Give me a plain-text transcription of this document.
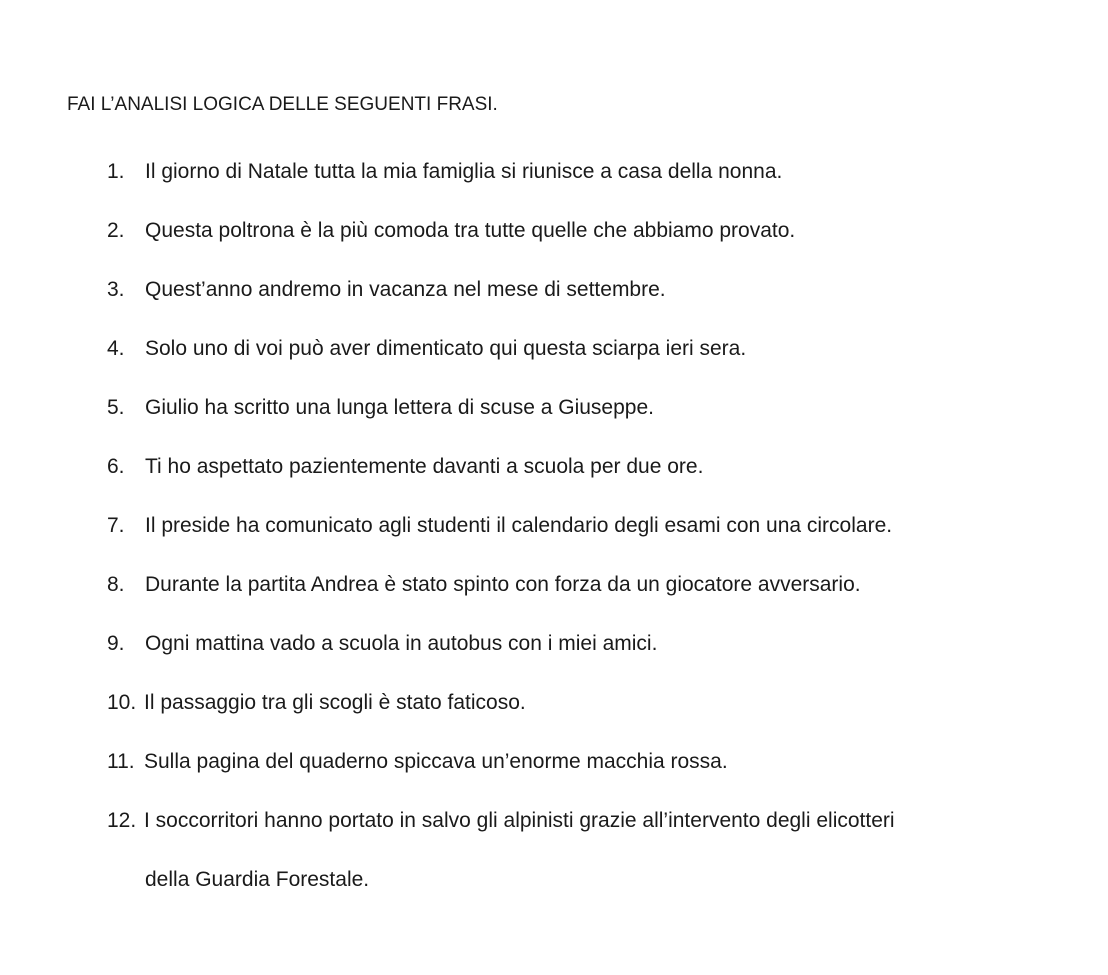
FAI L’ANALISI LOGICA DELLE SEGUENTI FRASI.
1. Il giorno di Natale tutta la mia famiglia si riunisce a casa della nonna.
2. Questa poltrona è la più comoda tra tutte quelle che abbiamo provato.
3. Quest’anno andremo in vacanza nel mese di settembre.
4. Solo uno di voi può aver dimenticato qui questa sciarpa ieri sera.
5. Giulio ha scritto una lunga lettera di scuse a Giuseppe.
6. Ti ho aspettato pazientemente davanti a scuola per due ore.
7. Il preside ha comunicato agli studenti il calendario degli esami con una circolare.
8. Durante la partita Andrea è stato spinto con forza da un giocatore avversario.
9. Ogni mattina vado a scuola in autobus con i miei amici.
10. Il passaggio tra gli scogli è stato faticoso.
11. Sulla pagina del quaderno spiccava un’enorme macchia rossa.
12. I soccorritori hanno portato in salvo gli alpinisti grazie all’intervento degli elicotteri
della Guardia Forestale.
